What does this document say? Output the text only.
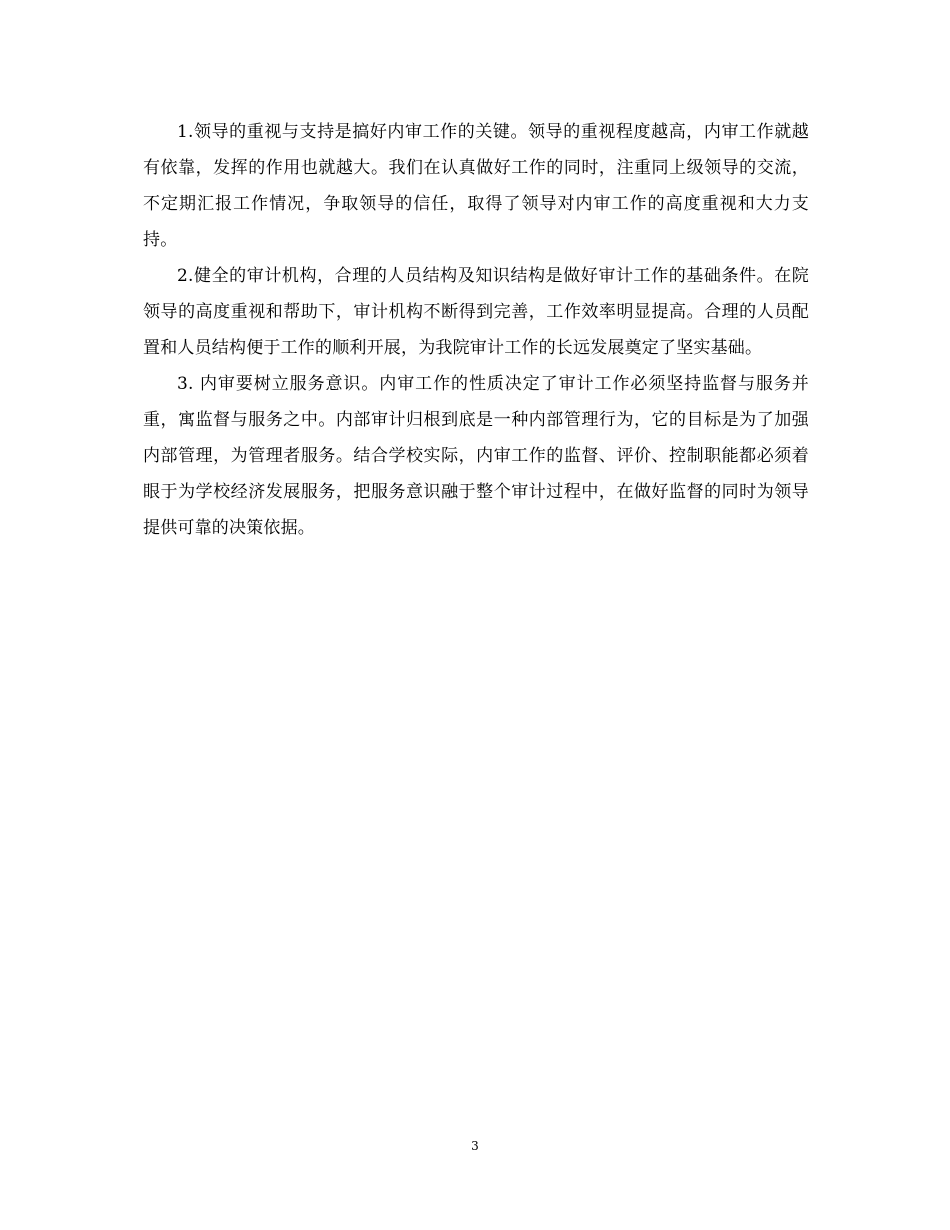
1.领导的重视与支持是搞好内审工作的关键。领导的重视程度越高，内审工作就越有依靠，发挥的作用也就越大。我们在认真做好工作的同时，注重同上级领导的交流，不定期汇报工作情况，争取领导的信任，取得了领导对内审工作的高度重视和大力支持。

2.健全的审计机构，合理的人员结构及知识结构是做好审计工作的基础条件。在院领导的高度重视和帮助下，审计机构不断得到完善，工作效率明显提高。合理的人员配置和人员结构便于工作的顺利开展，为我院审计工作的长远发展奠定了坚实基础。

3. 内审要树立服务意识。内审工作的性质决定了审计工作必须坚持监督与服务并重，寓监督与服务之中。内部审计归根到底是一种内部管理行为，它的目标是为了加强内部管理，为管理者服务。结合学校实际，内审工作的监督、评价、控制职能都必须着眼于为学校经济发展服务，把服务意识融于整个审计过程中，在做好监督的同时为领导提供可靠的决策依据。

3
